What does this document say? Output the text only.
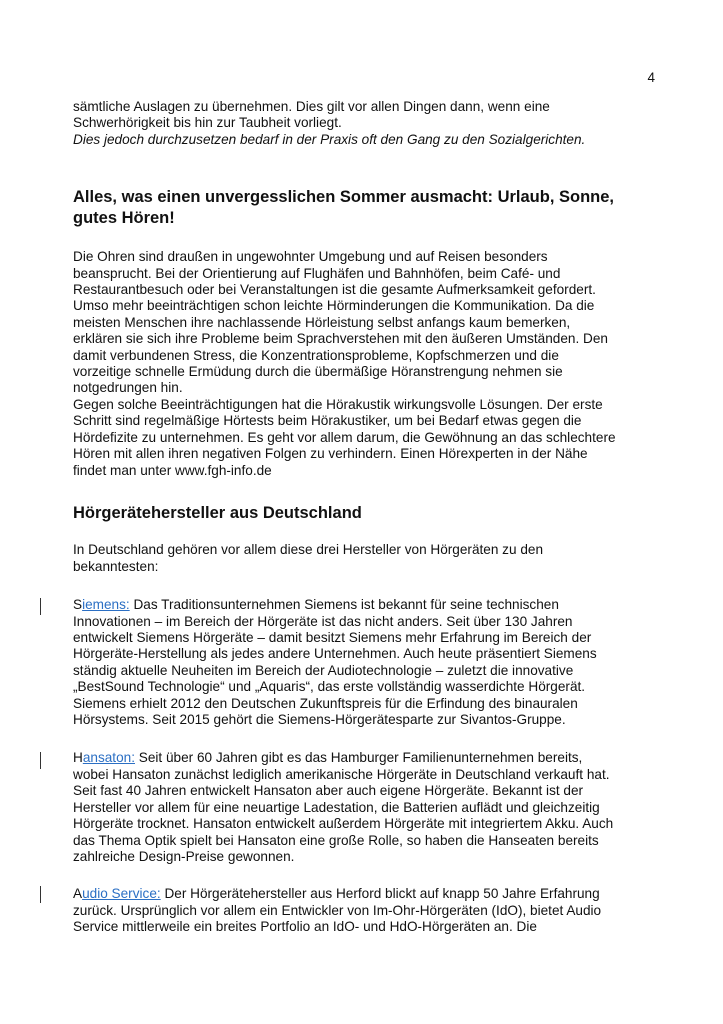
4
sämtliche Auslagen zu übernehmen. Dies gilt vor allen Dingen dann, wenn eine
Schwerhörigkeit bis hin zur Taubheit vorliegt.
Dies jedoch durchzusetzen bedarf in der Praxis oft den Gang zu den Sozialgerichten.
Alles, was einen unvergesslichen Sommer ausmacht: Urlaub, Sonne,
gutes Hören!
Die Ohren sind draußen in ungewohnter Umgebung und auf Reisen besonders
beansprucht. Bei der Orientierung auf Flughäfen und Bahnhöfen, beim Café- und
Restaurantbesuch oder bei Veranstaltungen ist die gesamte Aufmerksamkeit gefordert.
Umso mehr beeinträchtigen schon leichte Hörminderungen die Kommunikation. Da die
meisten Menschen ihre nachlassende Hörleistung selbst anfangs kaum bemerken,
erklären sie sich ihre Probleme beim Sprachverstehen mit den äußeren Umständen. Den
damit verbundenen Stress, die Konzentrationsprobleme, Kopfschmerzen und die
vorzeitige schnelle Ermüdung durch die übermäßige Höranstrengung nehmen sie
notgedrungen hin.
Gegen solche Beeinträchtigungen hat die Hörakustik wirkungsvolle Lösungen. Der erste
Schritt sind regelmäßige Hörtests beim Hörakustiker, um bei Bedarf etwas gegen die
Hördefizite zu unternehmen. Es geht vor allem darum, die Gewöhnung an das schlechtere
Hören mit allen ihren negativen Folgen zu verhindern. Einen Hörexperten in der Nähe
findet man unter www.fgh-info.de
Hörgerätehersteller aus Deutschland
In Deutschland gehören vor allem diese drei Hersteller von Hörgeräten zu den
bekanntesten:
Siemens: Das Traditionsunternehmen Siemens ist bekannt für seine technischen
Innovationen – im Bereich der Hörgeräte ist das nicht anders. Seit über 130 Jahren
entwickelt Siemens Hörgeräte – damit besitzt Siemens mehr Erfahrung im Bereich der
Hörgeräte-Herstellung als jedes andere Unternehmen. Auch heute präsentiert Siemens
ständig aktuelle Neuheiten im Bereich der Audiotechnologie – zuletzt die innovative
„BestSound Technologie“ und „Aquaris“, das erste vollständig wasserdichte Hörgerät.
Siemens erhielt 2012 den Deutschen Zukunftspreis für die Erfindung des binauralen
Hörsystems. Seit 2015 gehört die Siemens-Hörgerätesparte zur Sivantos-Gruppe.
Hansaton: Seit über 60 Jahren gibt es das Hamburger Familienunternehmen bereits,
wobei Hansaton zunächst lediglich amerikanische Hörgeräte in Deutschland verkauft hat.
Seit fast 40 Jahren entwickelt Hansaton aber auch eigene Hörgeräte. Bekannt ist der
Hersteller vor allem für eine neuartige Ladestation, die Batterien auflädt und gleichzeitig
Hörgeräte trocknet. Hansaton entwickelt außerdem Hörgeräte mit integriertem Akku. Auch
das Thema Optik spielt bei Hansaton eine große Rolle, so haben die Hanseaten bereits
zahlreiche Design-Preise gewonnen.
Audio Service: Der Hörgerätehersteller aus Herford blickt auf knapp 50 Jahre Erfahrung
zurück. Ursprünglich vor allem ein Entwickler von Im-Ohr-Hörgeräten (IdO), bietet Audio
Service mittlerweile ein breites Portfolio an IdO- und HdO-Hörgeräten an. Die
